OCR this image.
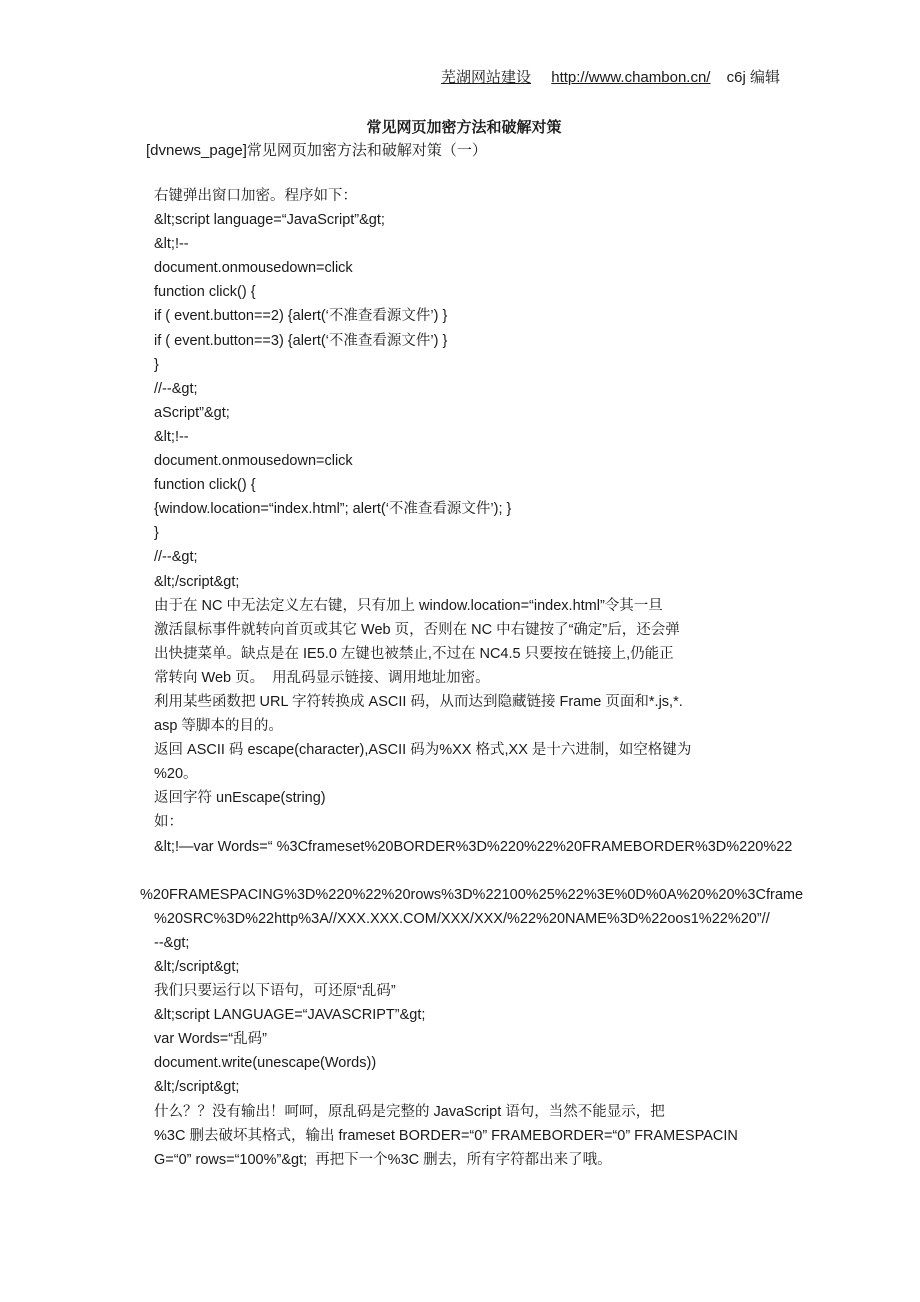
芜湖网站建设 http://www.chambon.cn/ c6j 编辑
常见网页加密方法和破解对策
[dvnews_page]常见网页加密方法和破解对策（一）
右键弹出窗口加密。程序如下：
&lt;script language=“JavaScript”&gt;
&lt;!--
document.onmousedown=click
function click() {
if ( event.button==2) {alert(‘不准查看源文件’) }
if ( event.button==3) {alert(‘不准查看源文件’) }
}
//--&gt;
aScript”&gt;
&lt;!--
document.onmousedown=click
function click() {
{window.location=“index.html”; alert(‘不准查看源文件’); }
}
//--&gt;
&lt;/script&gt;
由于在 NC 中无法定义左右键，只有加上 window.location=“index.html”令其一旦
激活鼠标事件就转向首页或其它 Web 页，否则在 NC 中右键按了“确定”后，还会弹
出快捷菜单。缺点是在 IE5.0 左键也被禁止,不过在 NC4.5 只要按在链接上,仍能正
常转向 Web 页。  用乱码显示链接、调用地址加密。
利用某些函数把 URL 字符转换成 ASCII 码，从而达到隐藏链接 Frame 页面和*.js,*.
asp 等脚本的目的。
返回 ASCII 码 escape(character),ASCII 码为%XX 格式,XX 是十六进制，如空格键为
%20。
返回字符 unEscape(string)
如：
&lt;!—var Words=“ %3Cframeset%20BORDER%3D%220%22%20FRAMEBORDER%3D%220%22
%20FRAMESPACING%3D%220%22%20rows%3D%22100%25%22%3E%0D%0A%20%20%3Cframe
%20SRC%3D%22http%3A//XXX.XXX.COM/XXX/XXX/%22%20NAME%3D%22oos1%22%20”//
--&gt;
&lt;/script&gt;
我们只要运行以下语句，可还原“乱码”
&lt;script LANGUAGE=“JAVASCRIPT”&gt;
var Words=“乱码”
document.write(unescape(Words))
&lt;/script&gt;
什么？？没有输出！呵呵，原乱码是完整的 JavaScript 语句，当然不能显示，把
%3C 删去破坏其格式，输出 frameset BORDER=“0” FRAMEBORDER=“0” FRAMESPACIN
G=“0” rows=“100%”&gt;  再把下一个%3C 删去，所有字符都出来了哦。
